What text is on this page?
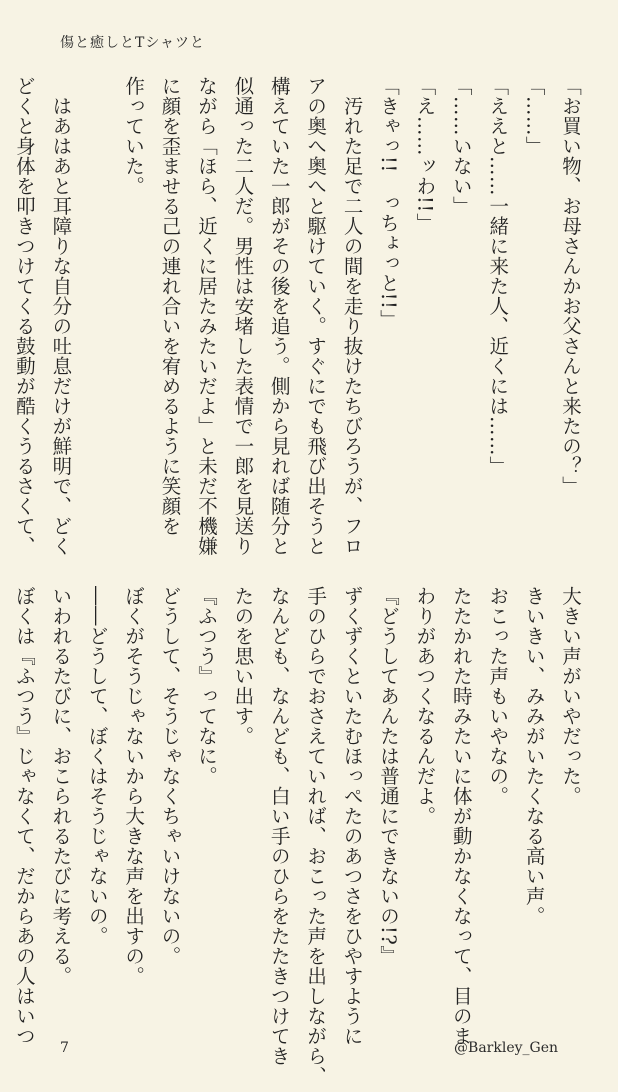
傷と癒しとTシャツと
「お買い物、お母さんかお父さんと来たの？」
「……」
「ええと……一緒に来た人、近くには……」
「……いない」
「え……ッわ!!」
「きゃっ!!　っちょっと!!」
　汚れた足で二人の間を走り抜けたちびろうが、フロ
アの奥へ奥へと駆けていく。すぐにでも飛び出そうと
構えていた一郎がその後を追う。側から見れば随分と
似通った二人だ。男性は安堵した表情で一郎を見送り
ながら「ほら、近くに居たみたいだよ」と未だ不機嫌
に顔を歪ませる己の連れ合いを宥めるように笑顔を
作っていた。
　はあはあと耳障りな自分の吐息だけが鮮明で、どく
どくと身体を叩きつけてくる鼓動が酷くうるさくて、
大きい声がいやだった。
きいきい、みみがいたくなる高い声。
おこった声もいやなの。
たたかれた時みたいに体が動かなくなって、目のま
わりがあつくなるんだよ。
『どうしてあんたは普通にできないの!?』
ずくずくといたむほっぺたのあつさをひやすように
手のひらでおさえていれば、おこった声を出しながら、
なんども、なんども、白い手のひらをたたきつけてき
たのを思い出す。
『ふつう』ってなに。
どうして、そうじゃなくちゃいけないの。
ぼくがそうじゃないから大きな声を出すの。
――どうして、ぼくはそうじゃないの。
いわれるたびに、おこられるたびに考える。
ぼくは『ふつう』じゃなくて、だからあの人はいつ
7	@Barkley_Gen
